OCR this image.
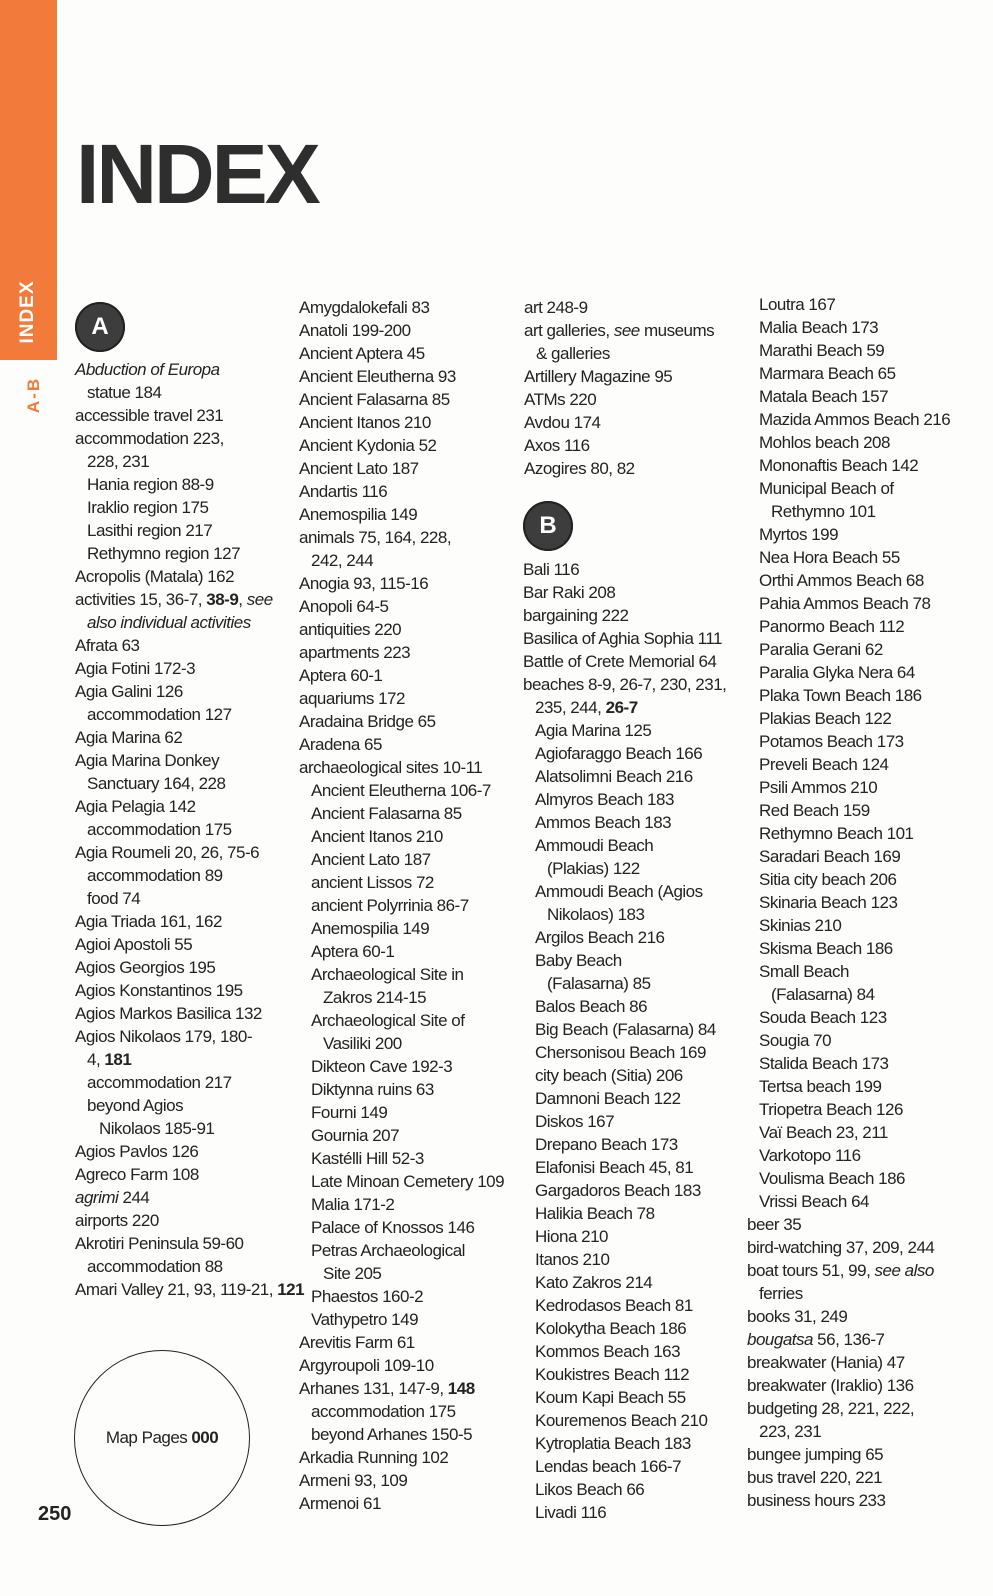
INDEX
A-B
INDEX
A
B
Abduction of Europa
statue 184
accessible travel 231
accommodation 223,
228, 231
Hania region 88-9
Iraklio region 175
Lasithi region 217
Rethymno region 127
Acropolis (Matala) 162
activities 15, 36-7, 38-9, see
also individual activities
Afrata 63
Agia Fotini 172-3
Agia Galini 126
accommodation 127
Agia Marina 62
Agia Marina Donkey
Sanctuary 164, 228
Agia Pelagia 142
accommodation 175
Agia Roumeli 20, 26, 75-6
accommodation 89
food 74
Agia Triada 161, 162
Agioi Apostoli 55
Agios Georgios 195
Agios Konstantinos 195
Agios Markos Basilica 132
Agios Nikolaos 179, 180-
4, 181
accommodation 217
beyond Agios
Nikolaos 185-91
Agios Pavlos 126
Agreco Farm 108
agrimi 244
airports 220
Akrotiri Peninsula 59-60
accommodation 88
Amari Valley 21, 93, 119-21, 121
Amygdalokefali 83
Anatoli 199-200
Ancient Aptera 45
Ancient Eleutherna 93
Ancient Falasarna 85
Ancient Itanos 210
Ancient Kydonia 52
Ancient Lato 187
Andartis 116
Anemospilia 149
animals 75, 164, 228,
242, 244
Anogia 93, 115-16
Anopoli 64-5
antiquities 220
apartments 223
Aptera 60-1
aquariums 172
Aradaina Bridge 65
Aradena 65
archaeological sites 10-11
Ancient Eleutherna 106-7
Ancient Falasarna 85
Ancient Itanos 210
Ancient Lato 187
ancient Lissos 72
ancient Polyrrinia 86-7
Anemospilia 149
Aptera 60-1
Archaeological Site in
Zakros 214-15
Archaeological Site of
Vasiliki 200
Dikteon Cave 192-3
Diktynna ruins 63
Fourni 149
Gournia 207
Kastélli Hill 52-3
Late Minoan Cemetery 109
Malia 171-2
Palace of Knossos 146
Petras Archaeological
Site 205
Phaestos 160-2
Vathypetro 149
Arevitis Farm 61
Argyroupoli 109-10
Arhanes 131, 147-9, 148
accommodation 175
beyond Arhanes 150-5
Arkadia Running 102
Armeni 93, 109
Armenoi 61
art 248-9
art galleries, see museums
& galleries
Artillery Magazine 95
ATMs 220
Avdou 174
Axos 116
Azogires 80, 82
Bali 116
Bar Raki 208
bargaining 222
Basilica of Aghia Sophia 111
Battle of Crete Memorial 64
beaches 8-9, 26-7, 230, 231,
235, 244, 26-7
Agia Marina 125
Agiofaraggo Beach 166
Alatsolimni Beach 216
Almyros Beach 183
Ammos Beach 183
Ammoudi Beach
(Plakias) 122
Ammoudi Beach (Agios
Nikolaos) 183
Argilos Beach 216
Baby Beach
(Falasarna) 85
Balos Beach 86
Big Beach (Falasarna) 84
Chersonisou Beach 169
city beach (Sitia) 206
Damnoni Beach 122
Diskos 167
Drepano Beach 173
Elafonisi Beach 45, 81
Gargadoros Beach 183
Halikia Beach 78
Hiona 210
Itanos 210
Kato Zakros 214
Kedrodasos Beach 81
Kolokytha Beach 186
Kommos Beach 163
Koukistres Beach 112
Koum Kapi Beach 55
Kouremenos Beach 210
Kytroplatia Beach 183
Lendas beach 166-7
Likos Beach 66
Livadi 116
Loutra 167
Malia Beach 173
Marathi Beach 59
Marmara Beach 65
Matala Beach 157
Mazida Ammos Beach 216
Mohlos beach 208
Mononaftis Beach 142
Municipal Beach of
Rethymno 101
Myrtos 199
Nea Hora Beach 55
Orthi Ammos Beach 68
Pahia Ammos Beach 78
Panormo Beach 112
Paralia Gerani 62
Paralia Glyka Nera 64
Plaka Town Beach 186
Plakias Beach 122
Potamos Beach 173
Preveli Beach 124
Psili Ammos 210
Red Beach 159
Rethymno Beach 101
Saradari Beach 169
Sitia city beach 206
Skinaria Beach 123
Skinias 210
Skisma Beach 186
Small Beach
(Falasarna) 84
Souda Beach 123
Sougia 70
Stalida Beach 173
Tertsa beach 199
Triopetra Beach 126
Vaï Beach 23, 211
Varkotopo 116
Voulisma Beach 186
Vrissi Beach 64
beer 35
bird-watching 37, 209, 244
boat tours 51, 99, see also
ferries
books 31, 249
bougatsa 56, 136-7
breakwater (Hania) 47
breakwater (Iraklio) 136
budgeting 28, 221, 222,
223, 231
bungee jumping 65
bus travel 220, 221
business hours 233
Map Pages 000
250
